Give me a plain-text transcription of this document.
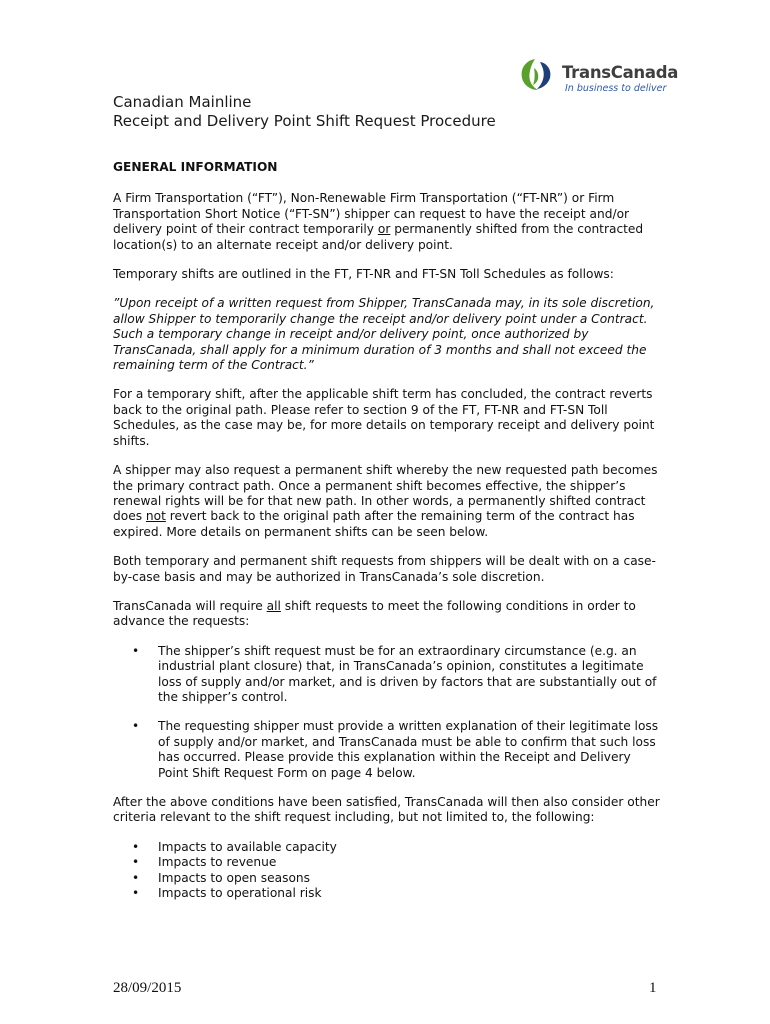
TransCanada
In business to deliver
Canadian Mainline
Receipt and Delivery Point Shift Request Procedure
GENERAL INFORMATION

A Firm Transportation (“FT”), Non-Renewable Firm Transportation (“FT-NR”) or Firm Transportation Short Notice (“FT-SN”) shipper can request to have the receipt and/or delivery point of their contract temporarily or permanently shifted from the contracted location(s) to an alternate receipt and/or delivery point.

Temporary shifts are outlined in the FT, FT-NR and FT-SN Toll Schedules as follows:

”Upon receipt of a written request from Shipper, TransCanada may, in its sole discretion, allow Shipper to temporarily change the receipt and/or delivery point under a Contract. Such a temporary change in receipt and/or delivery point, once authorized by TransCanada, shall apply for a minimum duration of 3 months and shall not exceed the remaining term of the Contract.”

For a temporary shift, after the applicable shift term has concluded, the contract reverts back to the original path. Please refer to section 9 of the FT, FT-NR and FT-SN Toll Schedules, as the case may be, for more details on temporary receipt and delivery point shifts.

A shipper may also request a permanent shift whereby the new requested path becomes the primary contract path. Once a permanent shift becomes effective, the shipper’s renewal rights will be for that new path. In other words, a permanently shifted contract does not revert back to the original path after the remaining term of the contract has expired. More details on permanent shifts can be seen below.

Both temporary and permanent shift requests from shippers will be dealt with on a case-by-case basis and may be authorized in TransCanada’s sole discretion.

TransCanada will require all shift requests to meet the following conditions in order to advance the requests:

• The shipper’s shift request must be for an extraordinary circumstance (e.g. an industrial plant closure) that, in TransCanada’s opinion, constitutes a legitimate loss of supply and/or market, and is driven by factors that are substantially out of the shipper’s control.
• The requesting shipper must provide a written explanation of their legitimate loss of supply and/or market, and TransCanada must be able to confirm that such loss has occurred. Please provide this explanation within the Receipt and Delivery Point Shift Request Form on page 4 below.

After the above conditions have been satisfied, TransCanada will then also consider other criteria relevant to the shift request including, but not limited to, the following:

• Impacts to available capacity
• Impacts to revenue
• Impacts to open seasons
• Impacts to operational risk
28/09/2015	1
